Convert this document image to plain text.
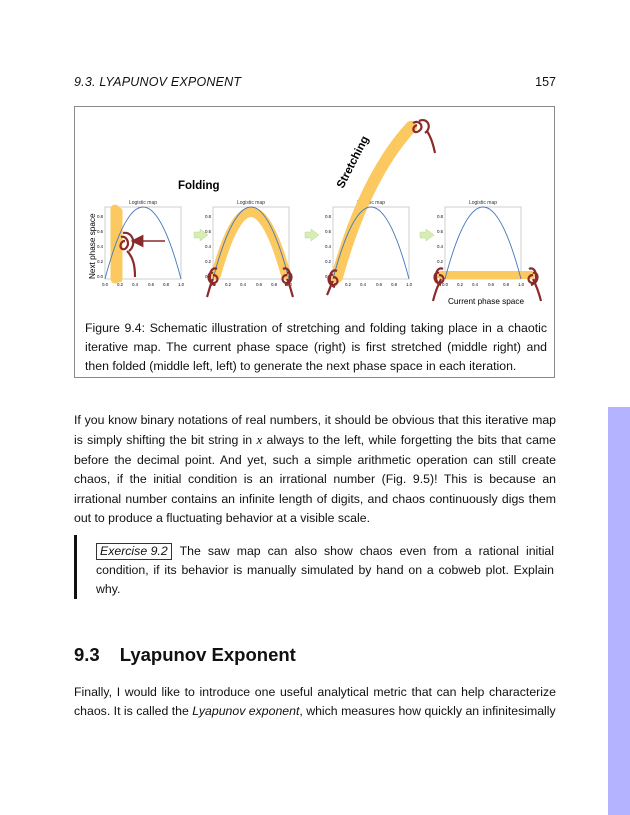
9.3. LYAPUNOV EXPONENT	157
Logistic map
0.0 0.2 0.4 0.6 0.8 1.0
0.8
0.6
0.4
0.2
0.0
Logistic map
0.0 0.2 0.4 0.6 0.8 1.0
0.8
0.6
0.4
0.2
0.0
Logistic map
0.0 0.2 0.4 0.6 0.8 1.0
0.8
0.6
0.4
0.2
0.0
Logistic map
0.0 0.2 0.4 0.6 0.8 1.0
0.8
0.6
0.4
0.2
0.0
Folding	Stretching
Next phase space
Current phase space
Figure 9.4: Schematic illustration of stretching and folding taking place in a chaotic iterative map. The current phase space (right) is first stretched (middle right) and then folded (middle left, left) to generate the next phase space in each iteration.
If you know binary notations of real numbers, it should be obvious that this iterative map is simply shifting the bit string in x always to the left, while forgetting the bits that came before the decimal point. And yet, such a simple arithmetic operation can still create chaos, if the initial condition is an irrational number (Fig. 9.5)! This is because an irrational number contains an infinite length of digits, and chaos continuously digs them out to produce a fluctuating behavior at a visible scale.
Exercise 9.2 The saw map can also show chaos even from a rational initial condition, if its behavior is manually simulated by hand on a cobweb plot. Explain why.
9.3 Lyapunov Exponent
Finally, I would like to introduce one useful analytical metric that can help characterize chaos. It is called the Lyapunov exponent, which measures how quickly an infinitesimally
